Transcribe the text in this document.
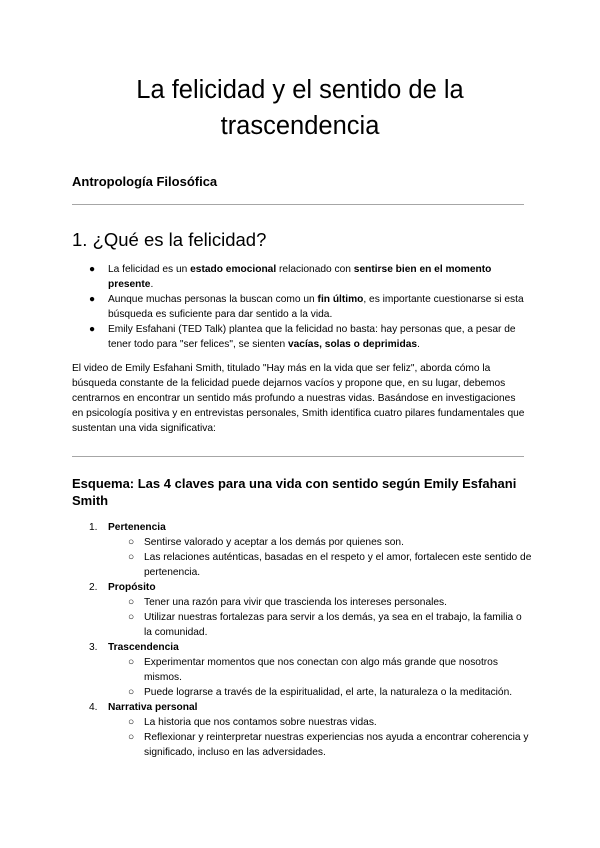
La felicidad y el sentido de la trascendencia
Antropología Filosófica
1. ¿Qué es la felicidad?
● La felicidad es un estado emocional relacionado con sentirse bien en el momento presente.
● Aunque muchas personas la buscan como un fin último, es importante cuestionarse si esta búsqueda es suficiente para dar sentido a la vida.
● Emily Esfahani (TED Talk) plantea que la felicidad no basta: hay personas que, a pesar de tener todo para "ser felices", se sienten vacías, solas o deprimidas.

El video de Emily Esfahani Smith, titulado "Hay más en la vida que ser feliz", aborda cómo la búsqueda constante de la felicidad puede dejarnos vacíos y propone que, en su lugar, debemos centrarnos en encontrar un sentido más profundo a nuestras vidas. Basándose en investigaciones en psicología positiva y en entrevistas personales, Smith identifica cuatro pilares fundamentales que sustentan una vida significativa:

Esquema: Las 4 claves para una vida con sentido según Emily Esfahani Smith
1. Pertenencia
○ Sentirse valorado y aceptar a los demás por quienes son.
○ Las relaciones auténticas, basadas en el respeto y el amor, fortalecen este sentido de pertenencia.
2. Propósito
○ Tener una razón para vivir que trascienda los intereses personales.
○ Utilizar nuestras fortalezas para servir a los demás, ya sea en el trabajo, la familia o la comunidad.
3. Trascendencia
○ Experimentar momentos que nos conectan con algo más grande que nosotros mismos.
○ Puede lograrse a través de la espiritualidad, el arte, la naturaleza o la meditación.
4. Narrativa personal
○ La historia que nos contamos sobre nuestras vidas.
○ Reflexionar y reinterpretar nuestras experiencias nos ayuda a encontrar coherencia y significado, incluso en las adversidades.
